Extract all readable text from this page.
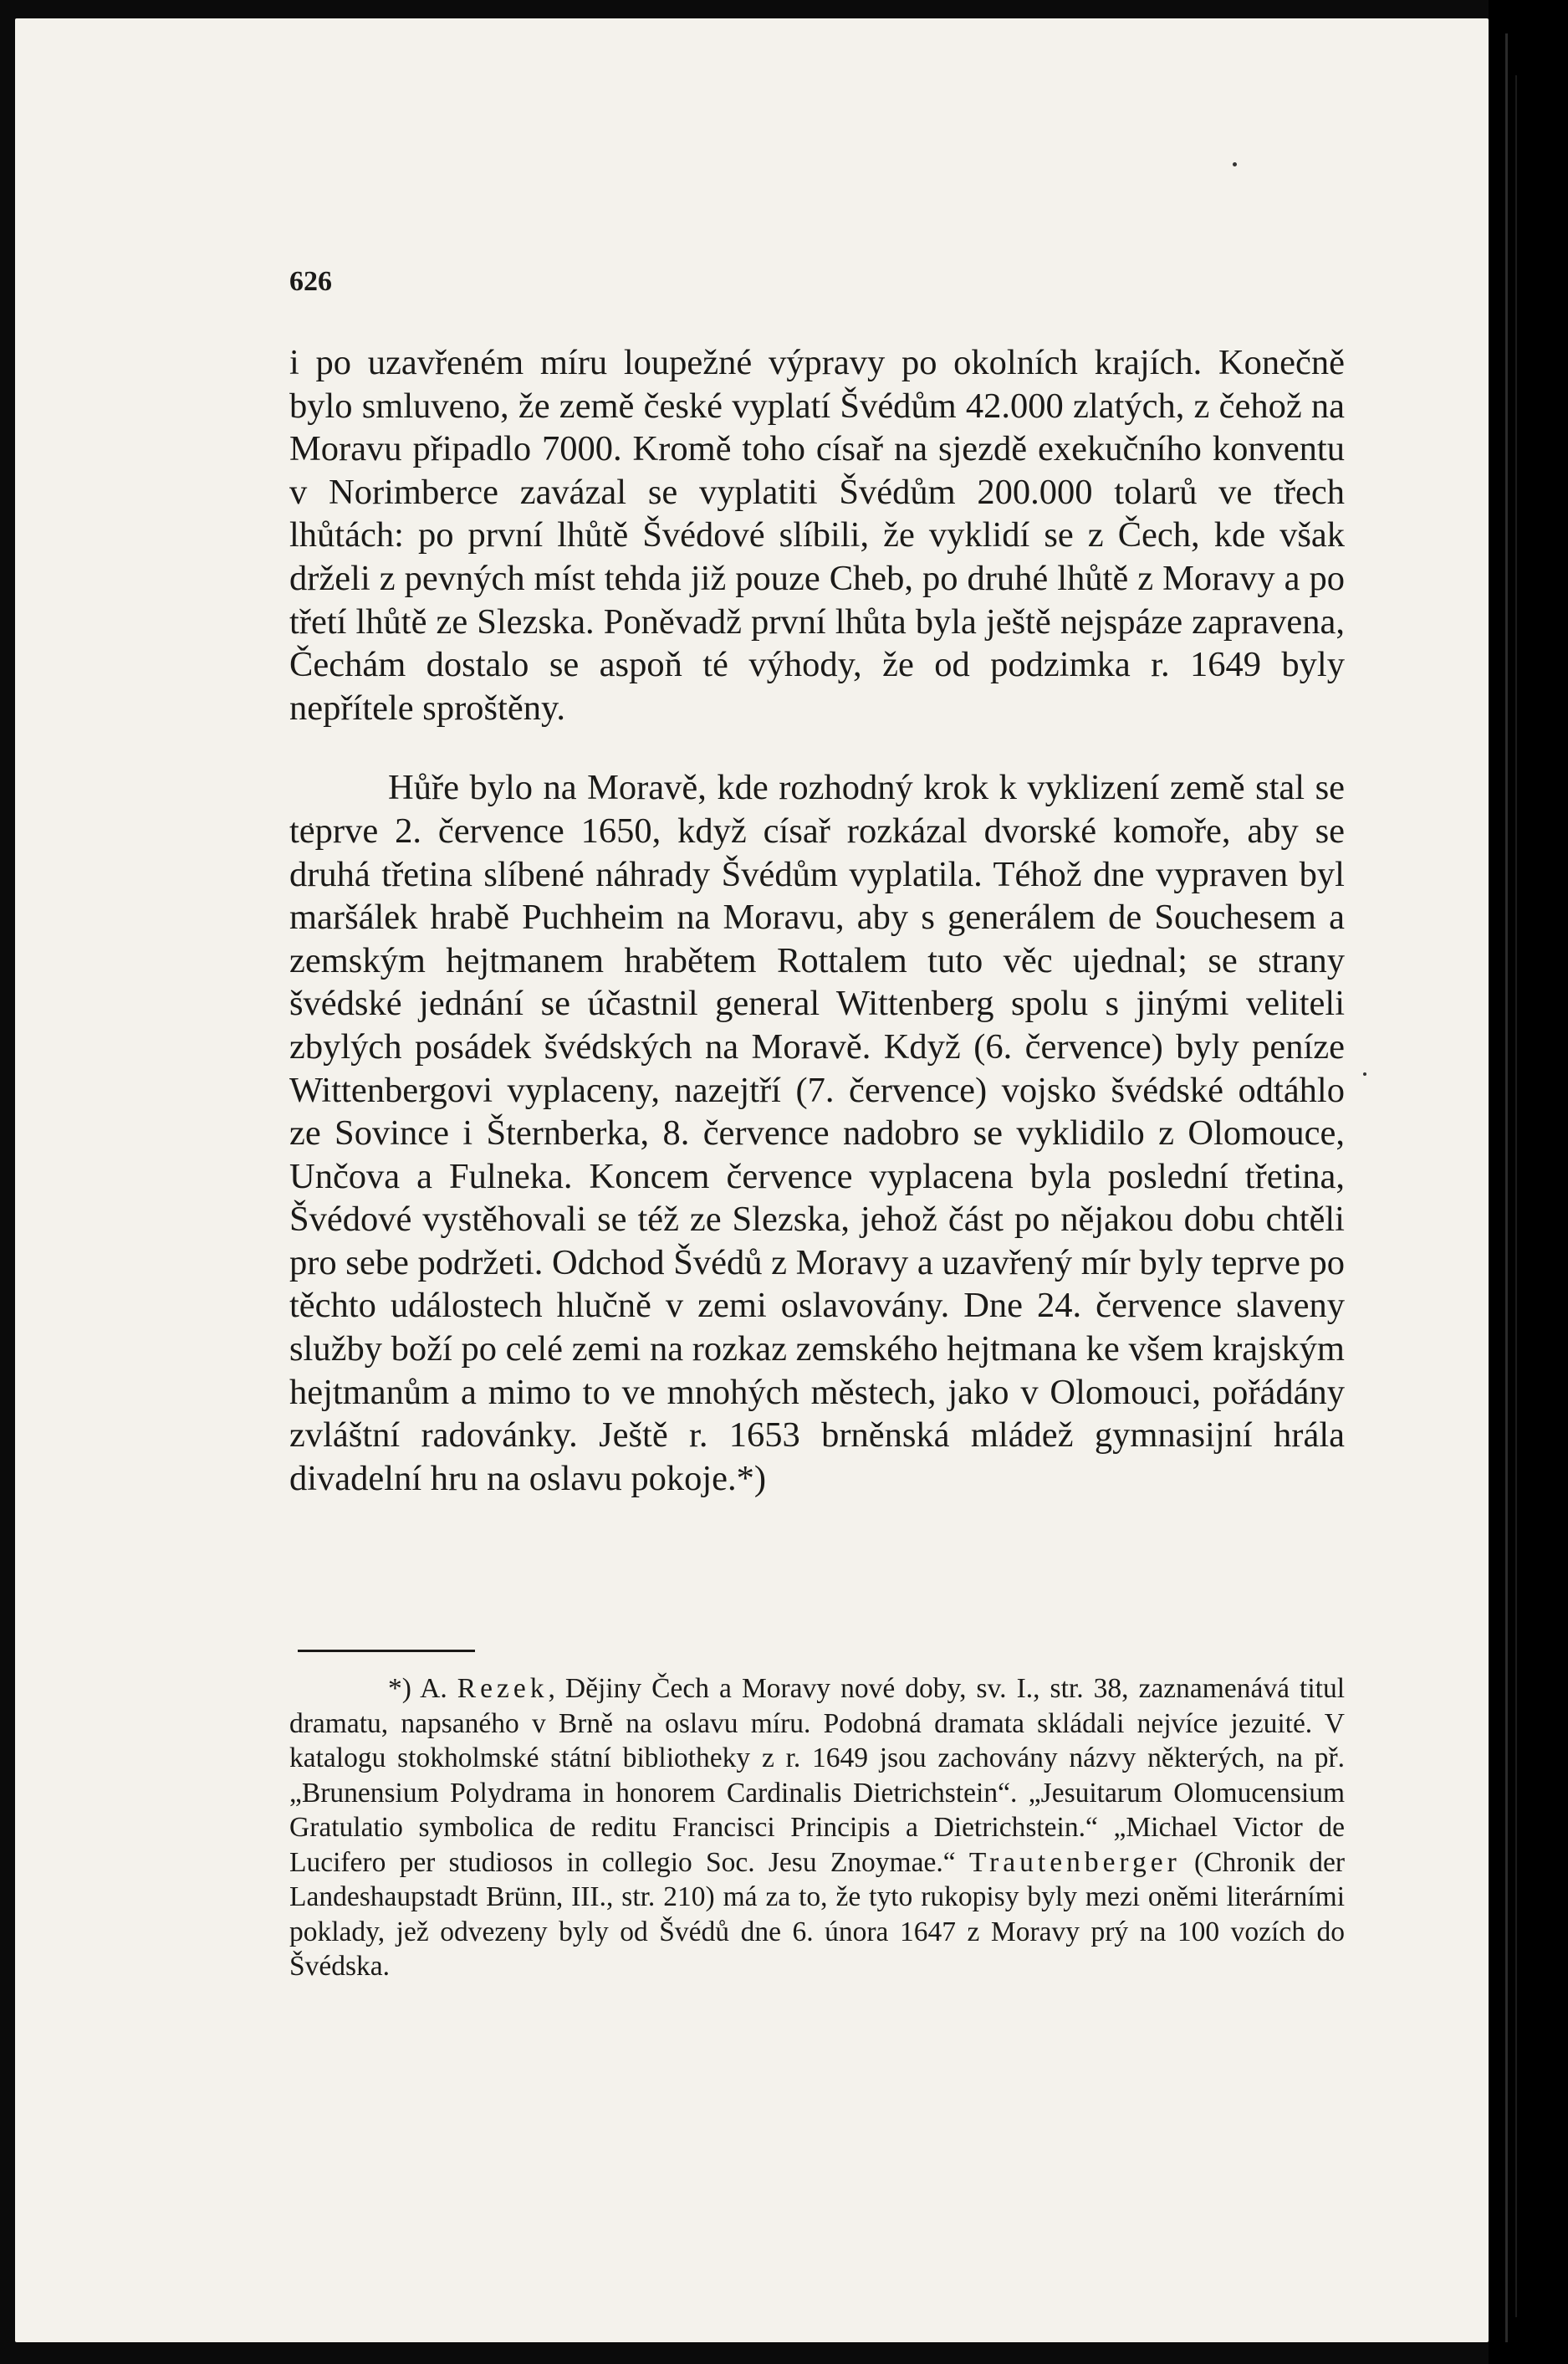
626

i po uzavřeném míru loupežné výpravy po okolních krajích. Konečně bylo smluveno, že země české vyplatí Švédům 42.000 zlatých, z čehož na Moravu připadlo 7000. Kromě toho císař na sjezdě exekučního konventu v Norimberce zavázal se vyplatiti Švédům 200.000 tolarů ve třech lhůtách: po první lhůtě Švédové slíbili, že vyklidí se z Čech, kde však drželi z pevných míst tehda již pouze Cheb, po druhé lhůtě z Moravy a po třetí lhůtě ze Slezska. Poněvadž první lhůta byla ještě nejspáze zapravena, Čechám dostalo se aspoň té výhody, že od podzimka r. 1649 byly nepřítele sproštěny.

Hůře bylo na Moravě, kde rozhodný krok k vyklizení země stal se teprve 2. července 1650, když císař rozkázal dvorské komoře, aby se druhá třetina slíbené náhrady Švédům vyplatila. Téhož dne vypraven byl maršálek hrabě Puchheim na Moravu, aby s generálem de Souchesem a zemským hejtmanem hrabětem Rottalem tuto věc ujednal; se strany švédské jednání se účastnil general Wittenberg spolu s jinými veliteli zbylých posádek švédských na Moravě. Když (6. července) byly peníze Wittenbergovi vyplaceny, nazejtří (7. července) vojsko švédské odtáhlo ze Sovince i Šternberka, 8. července nadobro se vyklidilo z Olomouce, Unčova a Fulneka. Koncem července vyplacena byla poslední třetina, Švédové vystěhovali se též ze Slezska, jehož část po nějakou dobu chtěli pro sebe podržeti. Odchod Švédů z Moravy a uzavřený mír byly teprve po těchto událostech hlučně v zemi oslavovány. Dne 24. července slaveny služby boží po celé zemi na rozkaz zemského hejtmana ke všem krajským hejtmanům a mimo to ve mnohých městech, jako v Olomouci, pořádány zvláštní radovánky. Ještě r. 1653 brněnská mládež gymnasijní hrála divadelní hru na oslavu pokoje.*)

*) A. Rezek, Dějiny Čech a Moravy nové doby, sv. I., str. 38, zaznamenává titul dramatu, napsaného v Brně na oslavu míru. Podobná dramata skládali nejvíce jezuité. V katalogu stokholmské státní bibliotheky z r. 1649 jsou zachovány názvy některých, na př. „Brunensium Polydrama in honorem Cardinalis Dietrichstein“. „Jesuitarum Olomucensium Gratulatio symbolica de reditu Francisci Principis a Dietrichstein.“ „Michael Victor de Lucifero per studiosos in collegio Soc. Jesu Znoymae.“ Trautenberger (Chronik der Landeshaupstadt Brünn, III., str. 210) má za to, že tyto rukopisy byly mezi oněmi literárními poklady, jež odvezeny byly od Švédů dne 6. února 1647 z Moravy prý na 100 vozích do Švédska.
